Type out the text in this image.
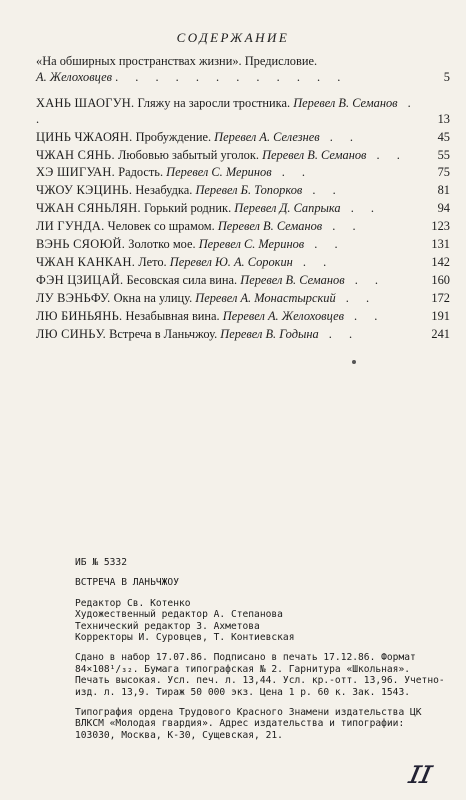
СОДЕРЖАНИЕ
«На обширных пространствах жизни». Предисловие.
А. Желоховцев . . . . . . . . . . . .	5
ХАНЬ ШАОГУН. Гляжу на заросли тростника. Перевел В. Семанов . .	13
ЦИНЬ ЧЖАОЯН. Пробуждение. Перевел А. Селезнев . .	45
ЧЖАН СЯНЬ. Любовью забытый уголок. Перевел В. Семанов . .	55
ХЭ ШИГУАН. Радость. Перевел С. Меринов . .	75
ЧЖОУ КЭЦИНЬ. Незабудка. Перевел Б. Топорков . .	81
ЧЖАН СЯНЬЛЯН. Горький родник. Перевел Д. Сапрыка . .	94
ЛИ ГУНДА. Человек со шрамом. Перевел В. Семанов . .	123
ВЭНЬ СЯОЮЙ. Золотко мое. Перевел С. Меринов . .	131
ЧЖАН КАНКАН. Лето. Перевел Ю. А. Сорокин . .	142
ФЭН ЦЗИЦАЙ. Бесовская сила вина. Перевел В. Семанов . .	160
ЛУ ВЭНЬФУ. Окна на улицу. Перевел А. Монастырский . .	172
ЛЮ БИНЬЯНЬ. Незабывная вина. Перевел А. Желоховцев . .	191
ЛЮ СИНЬУ. Встреча в Ланьчжоу. Перевел В. Годына . .	241

ИБ № 5332

ВСТРЕЧА В ЛАНЬЧЖОУ

Редактор Св. Котенко

Художественный редактор А. Степанова

Технический редактор З. Ахметова

Корректоры И. Суровцев, Т. Контиевская

Сдано в набор 17.07.86. Подписано в печать 17.12.86. Формат 84×108¹/₃₂. Бумага типографская № 2. Гарнитура «Школьная». Печать высокая. Усл. печ. л. 13,44. Усл. кр.-отт. 13,96. Учетно-изд. л. 13,9. Тираж 50 000 экз. Цена 1 р. 60 к. Зак. 1543.

Типография ордена Трудового Красного Знамени издательства ЦК ВЛКСМ «Молодая гвардия». Адрес издательства и типографии: 103030, Москва, К-30, Сущевская, 21.

ɪɪ
